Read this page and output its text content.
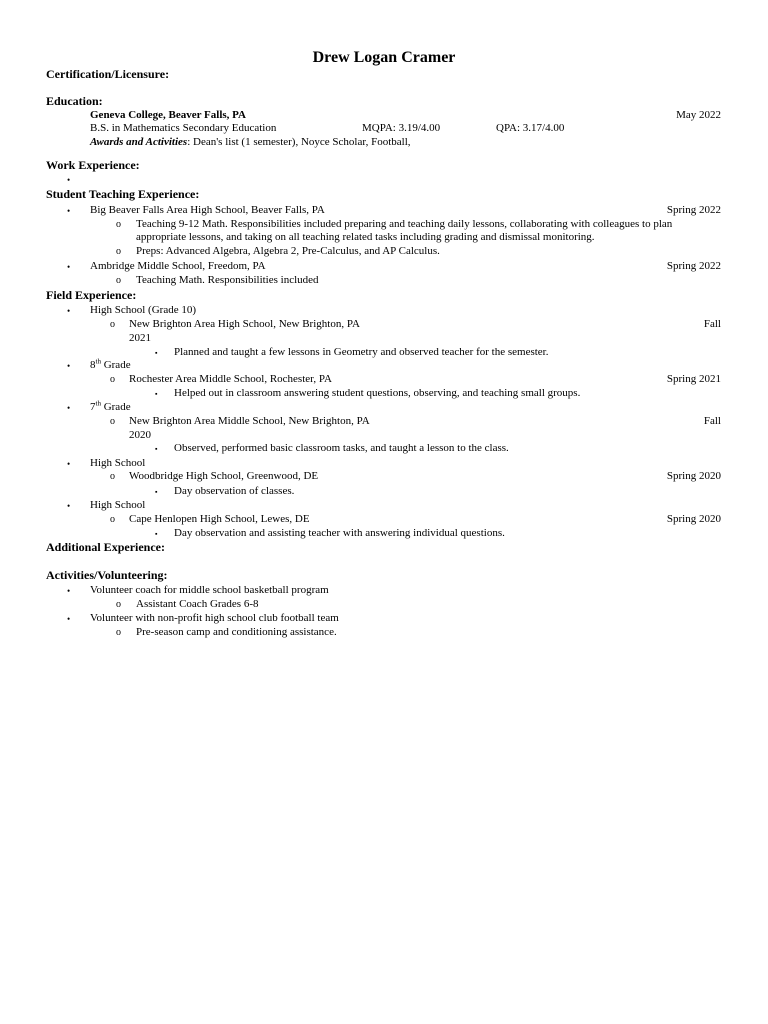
Drew Logan Cramer
Certification/Licensure:
Education:
Geneva College, Beaver Falls, PA	May 2022
B.S. in Mathematics Secondary Education	MQPA: 3.19/4.00	QPA: 3.17/4.00
Awards and Activities: Dean's list (1 semester), Noyce Scholar, Football,
Work Experience:
•
Student Teaching Experience:
• Big Beaver Falls Area High School, Beaver Falls, PA	Spring 2022
o Teaching 9-12 Math. Responsibilities included preparing and teaching daily lessons, collaborating with colleagues to plan appropriate lessons, and taking on all teaching related tasks including grading and dismissal monitoring.
o Preps: Advanced Algebra, Algebra 2, Pre-Calculus, and AP Calculus.
• Ambridge Middle School, Freedom, PA	Spring 2022
o Teaching Math. Responsibilities included
Field Experience:
• High School (Grade 10)
o New Brighton Area High School, New Brighton, PA	Fall
2021
▪ Planned and taught a few lessons in Geometry and observed teacher for the semester.
• 8th Grade
o Rochester Area Middle School, Rochester, PA	Spring 2021
▪ Helped out in classroom answering student questions, observing, and teaching small groups.
• 7th Grade
o New Brighton Area Middle School, New Brighton, PA	Fall
2020
▪ Observed, performed basic classroom tasks, and taught a lesson to the class.
• High School
o Woodbridge High School, Greenwood, DE	Spring 2020
▪ Day observation of classes.
• High School
o Cape Henlopen High School, Lewes, DE	Spring 2020
▪ Day observation and assisting teacher with answering individual questions.
Additional Experience:
Activities/Volunteering:
• Volunteer coach for middle school basketball program
o Assistant Coach Grades 6-8
• Volunteer with non-profit high school club football team
o Pre-season camp and conditioning assistance.
